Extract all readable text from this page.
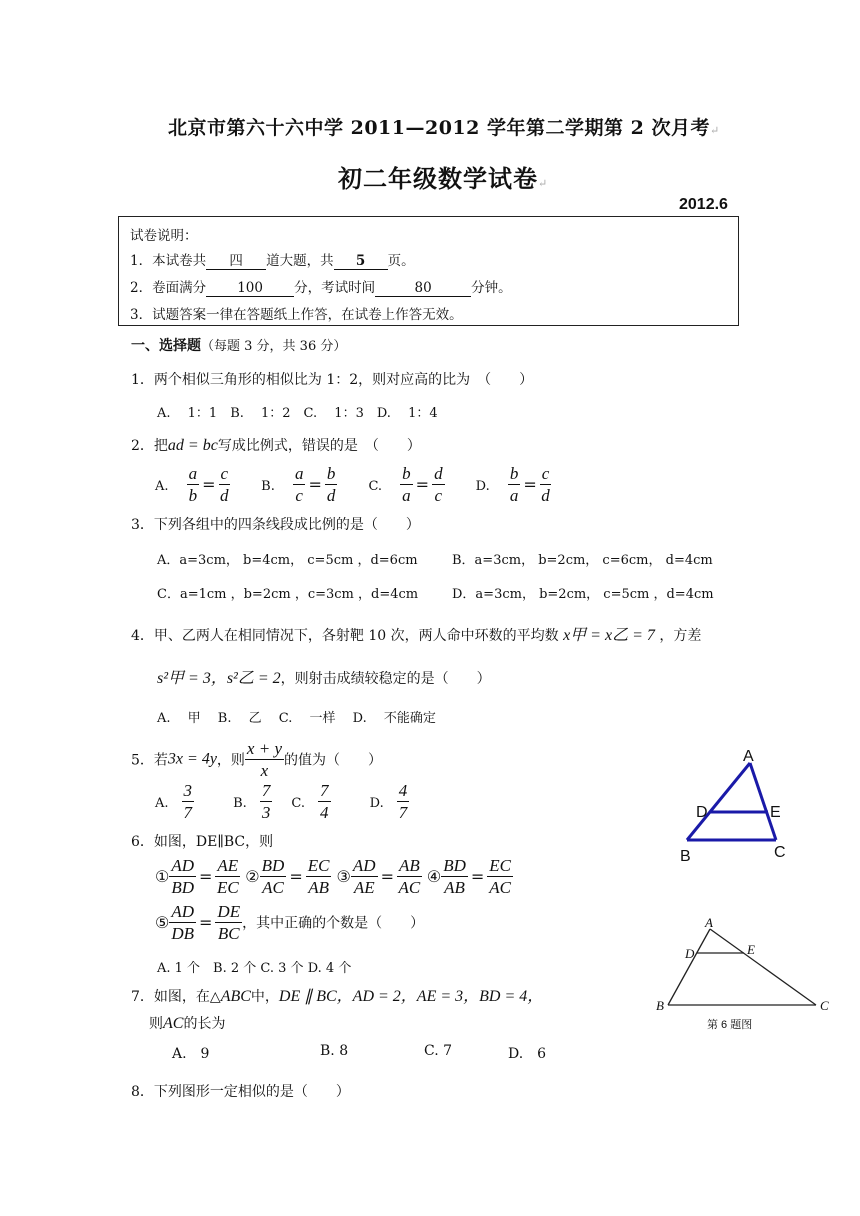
北京市第六十六中学 2011—2012 学年第二学期第 2 次月考↵
初二年级数学试卷↵
2012.6
试卷说明：
1．本试卷共 四 道大题，共 5 页。
2．卷面满分 100 分，考试时间	80	分钟。
3．试题答案一律在答题纸上作答，在试卷上作答无效。
一、选择题（每题 3 分，共 36 分）
1．两个相似三角形的相似比为 1：2，则对应高的比为　（　　）
A.　 1：1　B.　 1：2　C.　 1：3　D.　 1：4
2．把ad = bc写成比例式，错误的是　（　　）
A.　 $\frac{a}{b} = \frac{c}{d} B$.　 $\frac{a}{c} = \frac{b}{d} C$.　 $\frac{b}{a} = \frac{d}{c} D$.　 $\frac{b}{a} = \frac{c}{d}$
3．下列各组中的四条线段成比例的是（　　）
A．a=3cm， b=4cm， c=5cm ，d=6cm	B．a=3cm， b=2cm， c=6cm， d=4cm
C．a=1cm ，b=2cm ，c=3cm ，d=4cm	D．a=3cm， b=2cm， c=5cm ，d=4cm
4．甲、乙两人在相同情况下，各射靶 10 次，两人命中环数的平均数 x甲 = x乙 = 7 ，方差
s²甲 = 3，s²乙 = 2，则射击成绩较稳定的是（　　）
A.　 甲　 B.　 乙　 C.　 一样　 D.　 不能确定
5．若3x = 4y，则 $\frac{x + y}{x}$ 的值为（　　）
A.　 $\frac{3}{7}$	B.　 $\frac{7}{3} C$.　 $\frac{7}{4}$	D.　 $\frac{4}{7}$
6．如图，DE∥BC，则
① $\frac{AD}{BD} = \frac{AE}{EC}$ ② $\frac{BD}{AC} = \frac{EC}{AB}$ ③ $\frac{AD}{AE} = \frac{AB}{AC}$ ④ $\frac{BD}{AB} = \frac{EC}{AC}$
⑤ $\frac{AD}{DB} = \frac{DE}{BC}$ ，其中正确的个数是（　　）
A. 1 个　B. 2 个 C. 3 个 D. 4 个
7．如图，在△ABC中，DE ∥ BC，AD = 2，AE = 3，BD = 4，
则AC的长为
A.　9	B. 8	C. 7	D.　6
8．下列图形一定相似的是（　　）
A
D	E
B	C
A
D	E
B	C
第 6 题图
